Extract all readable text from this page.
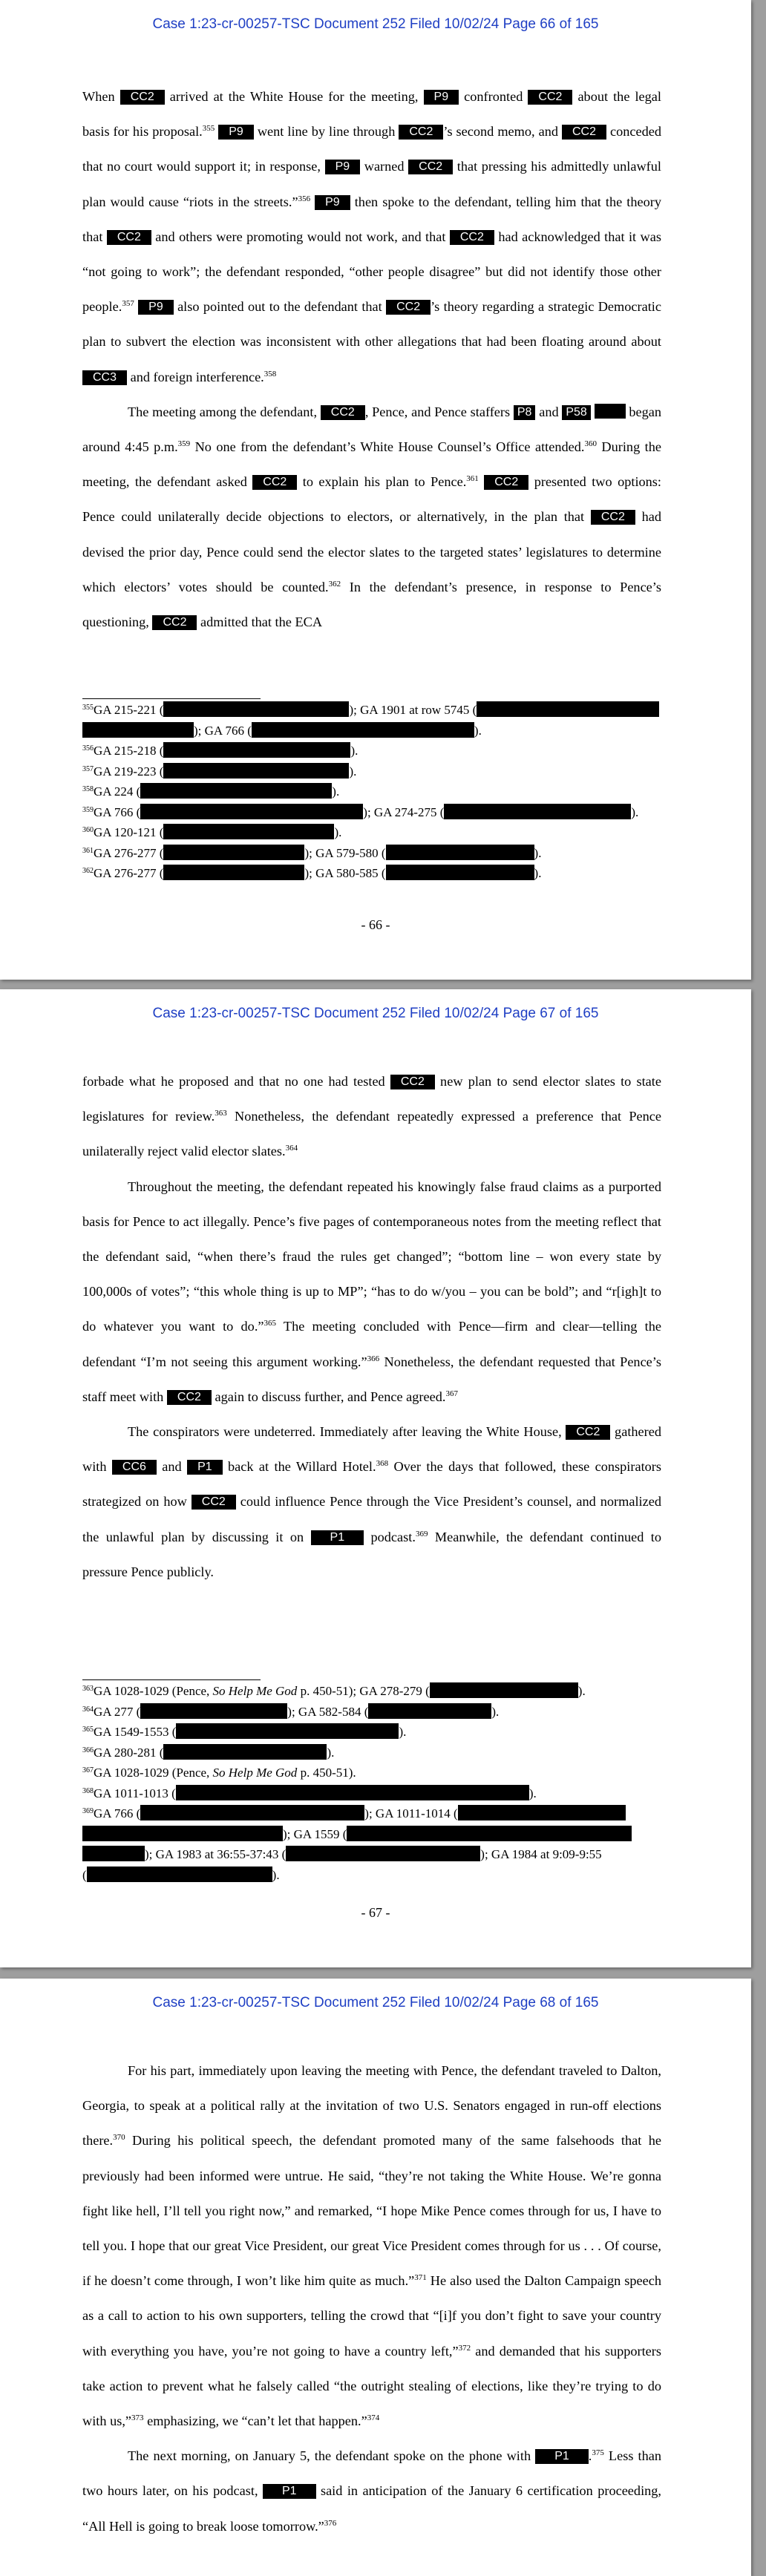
Case 1:23-cr-00257-TSC Document 252 Filed 10/02/24 Page 66 of 165

When CC2 arrived at the White House for the meeting, P9 confronted CC2 about the legal basis for his proposal.$^{355}$ P9 went line by line through CC2 ’s second memo, and CC2 conceded that no court would support it; in response, P9 warned CC2 that pressing his admittedly unlawful plan would cause “riots in the streets.”$^{356}$ P9 then spoke to the defendant, telling him that the theory that CC2 and others were promoting would not work, and that CC2 had acknowledged that it was “not going to work”; the defendant responded, “other people disagree” but did not identify those other people.$^{357}$ P9 also pointed out to the defendant that CC2 ’s theory regarding a strategic Democratic plan to subvert the election was inconsistent with other allegations that had been floating around about CC3 and foreign interference.$^{358}$

The meeting among the defendant, CC2 , Pence, and Pence staffers P8 and P58	began around 4:45 p.m.$^{359}$ No one from the defendant’s White House Counsel’s Office attended.$^{360}$ During the meeting, the defendant asked CC2 to explain his plan to Pence.$^{361}$ CC2 presented two options: Pence could unilaterally decide objections to electors, or alternatively, in the plan that CC2 had devised the prior day, Pence could send the elector slates to the targeted states’ legislatures to determine which electors’ votes should be counted.$^{362}$ In the defendant’s presence, in response to Pence’s questioning, CC2 admitted that the ECA

$^{355}$GA 215-221 (	); GA 1901 at row 5745 (
); GA 766 (	).
$^{356}$GA 215-218 (	).
$^{357}$GA 219-223 (	).
$^{358}$GA 224 (	).
$^{359}$GA 766 (	); GA 274-275 (	).
$^{360}$GA 120-121 (	).
$^{361}$GA 276-277 (	); GA 579-580 (	).
$^{362}$GA 276-277 (	); GA 580-585 (	).
- 66 -
Case 1:23-cr-00257-TSC Document 252 Filed 10/02/24 Page 67 of 165

forbade what he proposed and that no one had tested CC2 new plan to send elector slates to state legislatures for review.$^{363}$ Nonetheless, the defendant repeatedly expressed a preference that Pence unilaterally reject valid elector slates.$^{364}$

Throughout the meeting, the defendant repeated his knowingly false fraud claims as a purported basis for Pence to act illegally. Pence’s five pages of contemporaneous notes from the meeting reflect that the defendant said, “when there’s fraud the rules get changed”; “bottom line – won every state by 100,000s of votes”; “this whole thing is up to MP”; “has to do w/you – you can be bold”; and “r[igh]t to do whatever you want to do.”$^{365}$ The meeting concluded with Pence—firm and clear—telling the defendant “I’m not seeing this argument working.”$^{366}$ Nonetheless, the defendant requested that Pence’s staff meet with CC2 again to discuss further, and Pence agreed.$^{367}$

The conspirators were undeterred. Immediately after leaving the White House, CC2 gathered with CC6 and P1 back at the Willard Hotel.$^{368}$ Over the days that followed, these conspirators strategized on how CC2 could influence Pence through the Vice President’s counsel, and normalized the unlawful plan by discussing it on P1 podcast.$^{369}$ Meanwhile, the defendant continued to pressure Pence publicly.

$^{363}$GA 1028-1029 (Pence, So Help Me God p. 450-51); GA 278-279 (	).
$^{364}$GA 277 (	); GA 582-584 (	).
$^{365}$GA 1549-1553 (	).
$^{366}$GA 280-281 (	).
$^{367}$GA 1028-1029 (Pence, So Help Me God p. 450-51).
$^{368}$GA 1011-1013 (	).
$^{369}$GA 766 (	); GA 1011-1014 (
); GA 1559 (
); GA 1983 at 36:55-37:43 (	); GA 1984 at 9:09-9:55
(	).
- 67 -
Case 1:23-cr-00257-TSC Document 252 Filed 10/02/24 Page 68 of 165

For his part, immediately upon leaving the meeting with Pence, the defendant traveled to Dalton, Georgia, to speak at a political rally at the invitation of two U.S. Senators engaged in run-off elections there.$^{370}$ During his political speech, the defendant promoted many of the same falsehoods that he previously had been informed were untrue. He said, “they’re not taking the White House. We’re gonna fight like hell, I’ll tell you right now,” and remarked, “I hope Mike Pence comes through for us, I have to tell you. I hope that our great Vice President, our great Vice President comes through for us . . . Of course, if he doesn’t come through, I won’t like him quite as much.”$^{371}$ He also used the Dalton Campaign speech as a call to action to his own supporters, telling the crowd that “[i]f you don’t fight to save your country with everything you have, you’re not going to have a country left,”$^{372}$ and demanded that his supporters take action to prevent what he falsely called “the outright stealing of elections, like they’re trying to do with us,”$^{373}$ emphasizing, we “can’t let that happen.”$^{374}$

The next morning, on January 5, the defendant spoke on the phone with P1 .$^{375}$ Less than two hours later, on his podcast, P1 said in anticipation of the January 6 certification proceeding, “All Hell is going to break loose tomorrow.”$^{376}$
